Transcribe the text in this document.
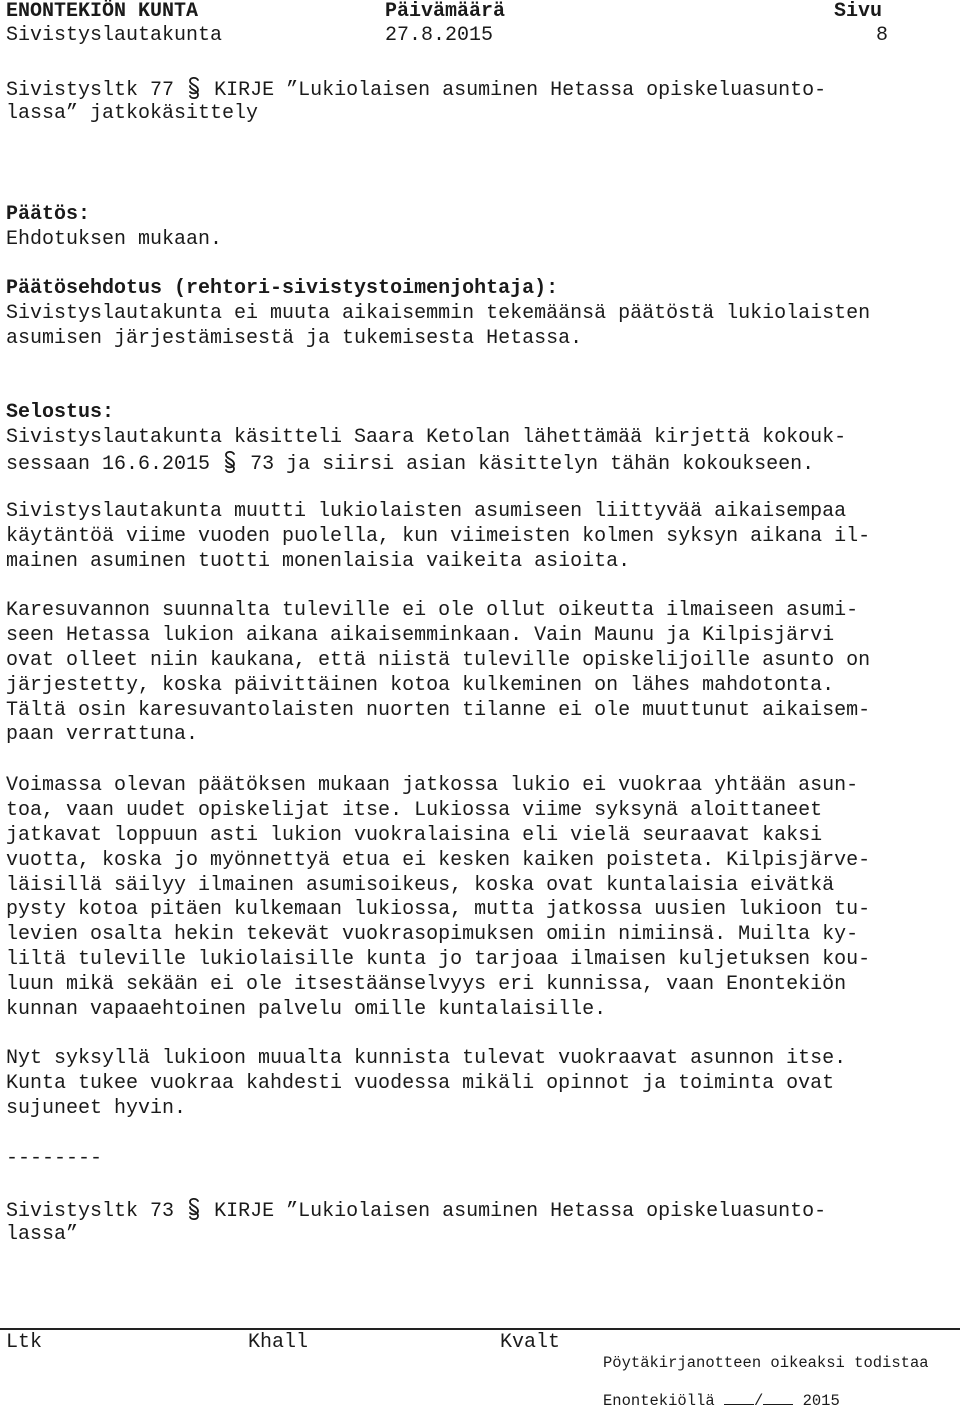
ENONTEKIÖN KUNTA	Päivämäärä	Sivu
Sivistyslautakunta	27.8.2015	8
Sivistysltk 77 KIRJE ”Lukiolaisen asuminen Hetassa opiskeluasunto-
lassa” jatkokäsittely
Päätös:
Ehdotuksen mukaan.
Päätösehdotus (rehtori-sivistystoimenjohtaja):
Sivistyslautakunta ei muuta aikaisemmin tekemäänsä päätöstä lukiolaisten
asumisen järjestämisestä ja tukemisesta Hetassa.
Selostus:
Sivistyslautakunta käsitteli Saara Ketolan lähettämää kirjettä kokouk-
sessaan 16.6.2015 73 ja siirsi asian käsittelyn tähän kokoukseen.
Sivistyslautakunta muutti lukiolaisten asumiseen liittyvää aikaisempaa
käytäntöä viime vuoden puolella, kun viimeisten kolmen syksyn aikana il-
mainen asuminen tuotti monenlaisia vaikeita asioita.
Karesuvannon suunnalta tuleville ei ole ollut oikeutta ilmaiseen asumi-
seen Hetassa lukion aikana aikaisemminkaan. Vain Maunu ja Kilpisjärvi
ovat olleet niin kaukana, että niistä tuleville opiskelijoille asunto on
järjestetty, koska päivittäinen kotoa kulkeminen on lähes mahdotonta.
Tältä osin karesuvantolaisten nuorten tilanne ei ole muuttunut aikaisem-
paan verrattuna.
Voimassa olevan päätöksen mukaan jatkossa lukio ei vuokraa yhtään asun-
toa, vaan uudet opiskelijat itse. Lukiossa viime syksynä aloittaneet
jatkavat loppuun asti lukion vuokralaisina eli vielä seuraavat kaksi
vuotta, koska jo myönnettyä etua ei kesken kaiken poisteta. Kilpisjärve-
läisillä säilyy ilmainen asumisoikeus, koska ovat kuntalaisia eivätkä
pysty kotoa pitäen kulkemaan lukiossa, mutta jatkossa uusien lukioon tu-
levien osalta hekin tekevät vuokrasopimuksen omiin nimiinsä. Muilta ky-
liltä tuleville lukiolaisille kunta jo tarjoaa ilmaisen kuljetuksen kou-
luun mikä sekään ei ole itsestäänselvyys eri kunnissa, vaan Enontekiön
kunnan vapaaehtoinen palvelu omille kuntalaisille.
Nyt syksyllä lukioon muualta kunnista tulevat vuokraavat asunnon itse.
Kunta tukee vuokraa kahdesti vuodessa mikäli opinnot ja toiminta ovat
sujuneet hyvin.
--------
Sivistysltk 73 KIRJE ”Lukiolaisen asuminen Hetassa opiskeluasunto-
lassa”
Ltk	Khall	Kvalt
Pöytäkirjanotteen oikeaksi todistaa
Enontekiöllä	/	2015
